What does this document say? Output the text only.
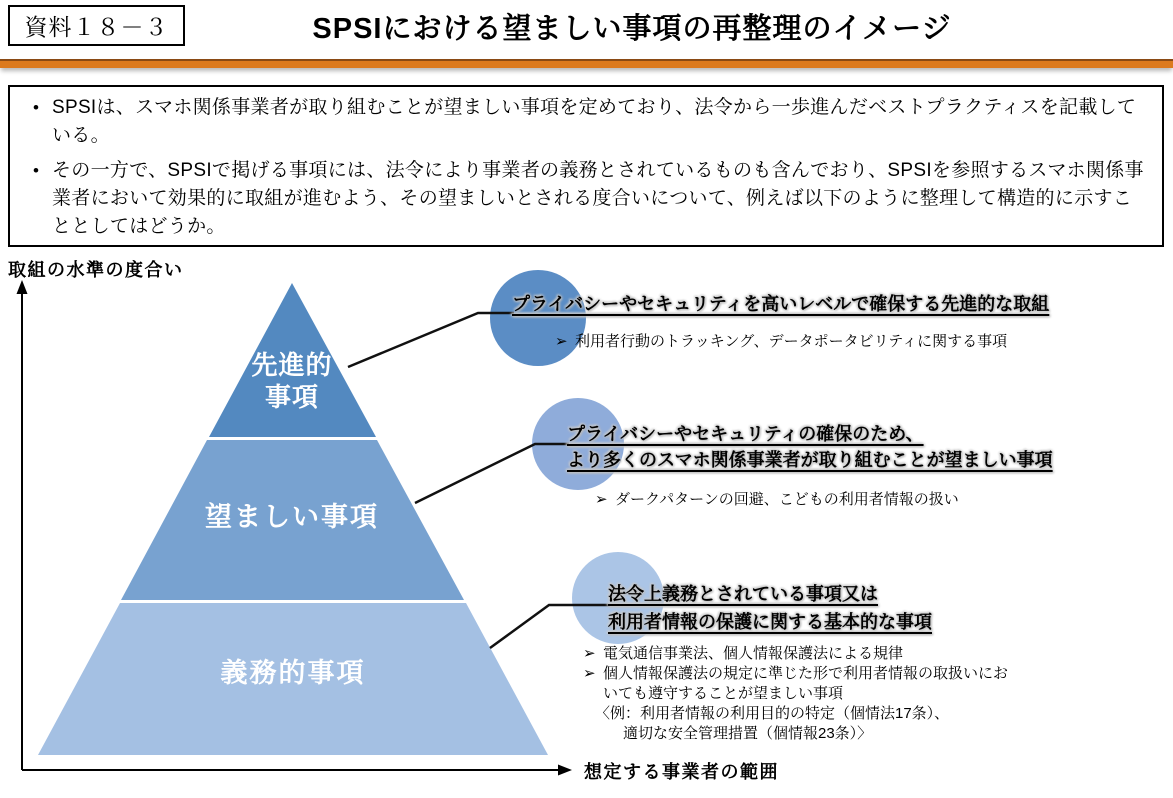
資料１８－３	SPSIにおける望ましい事項の再整理のイメージ
• SPSIは、スマホ関係事業者が取り組むことが望ましい事項を定めており、法令から一歩進んだベストプラクティスを記載している。
• その一方で、SPSIで掲げる事項には、法令により事業者の義務とされているものも含んでおり、SPSIを参照するスマホ関係事業者において効果的に取組が進むよう、その望ましいとされる度合いについて、例えば以下のように整理して構造的に示すこととしてはどうか。
先進的
事項
望ましい事項
義務的事項
取組の水準の度合い
想定する事業者の範囲
プライバシーやセキュリティを高いレベルで確保する先進的な取組
➢ 利用者行動のトラッキング、データポータビリティに関する事項
プライバシーやセキュリティの確保のため、
より多くのスマホ関係事業者が取り組むことが望ましい事項
➢ ダークパターンの回避、こどもの利用者情報の扱い
法令上義務とされている事項又は
利用者情報の保護に関する基本的な事項
➢ 電気通信事業法、個人情報保護法による規律
➢ 個人情報保護法の規定に準じた形で利用者情報の取扱いにおいても遵守することが望ましい事項
〈例：利用者情報の利用目的の特定（個情法17条）、
適切な安全管理措置（個情報23条）〉
